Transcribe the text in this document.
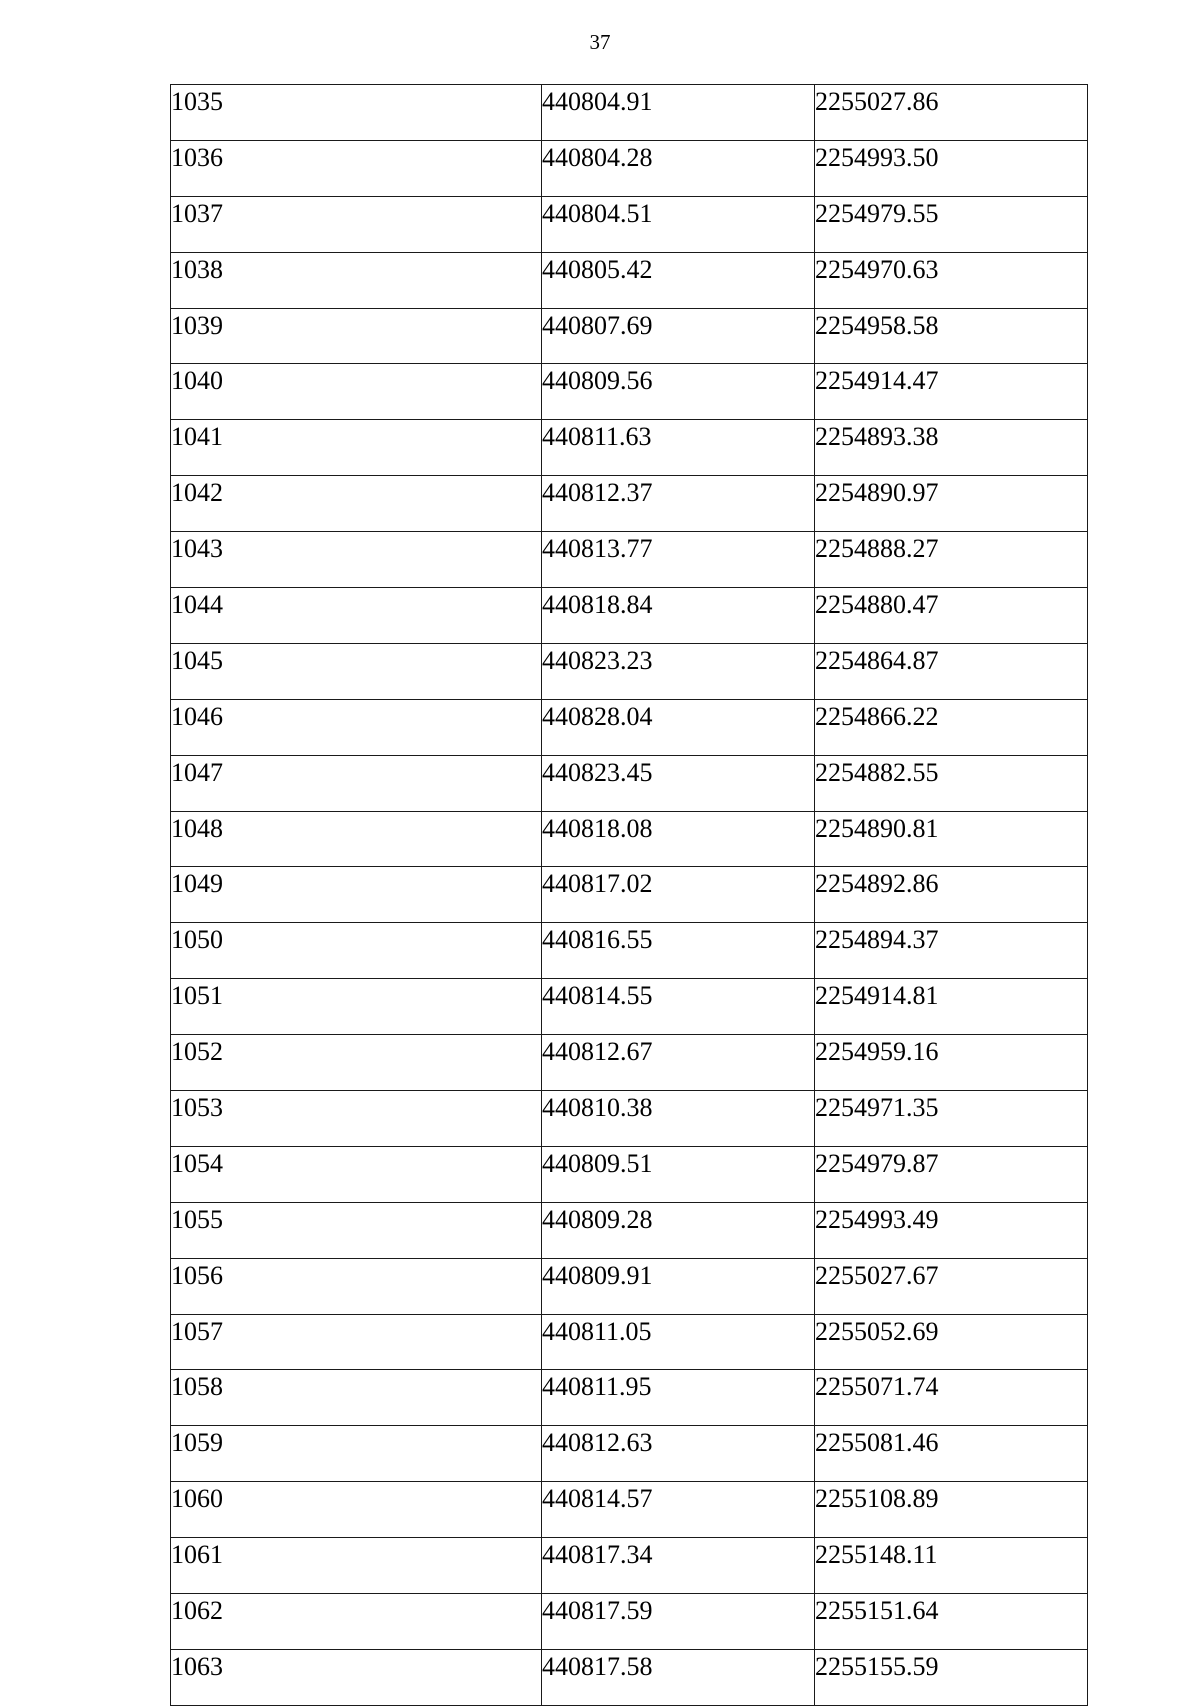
37
1035	440804.91	2255027.86
1036	440804.28	2254993.50
1037	440804.51	2254979.55
1038	440805.42	2254970.63
1039	440807.69	2254958.58
1040	440809.56	2254914.47
1041	440811.63	2254893.38
1042	440812.37	2254890.97
1043	440813.77	2254888.27
1044	440818.84	2254880.47
1045	440823.23	2254864.87
1046	440828.04	2254866.22
1047	440823.45	2254882.55
1048	440818.08	2254890.81
1049	440817.02	2254892.86
1050	440816.55	2254894.37
1051	440814.55	2254914.81
1052	440812.67	2254959.16
1053	440810.38	2254971.35
1054	440809.51	2254979.87
1055	440809.28	2254993.49
1056	440809.91	2255027.67
1057	440811.05	2255052.69
1058	440811.95	2255071.74
1059	440812.63	2255081.46
1060	440814.57	2255108.89
1061	440817.34	2255148.11
1062	440817.59	2255151.64
1063	440817.58	2255155.59
